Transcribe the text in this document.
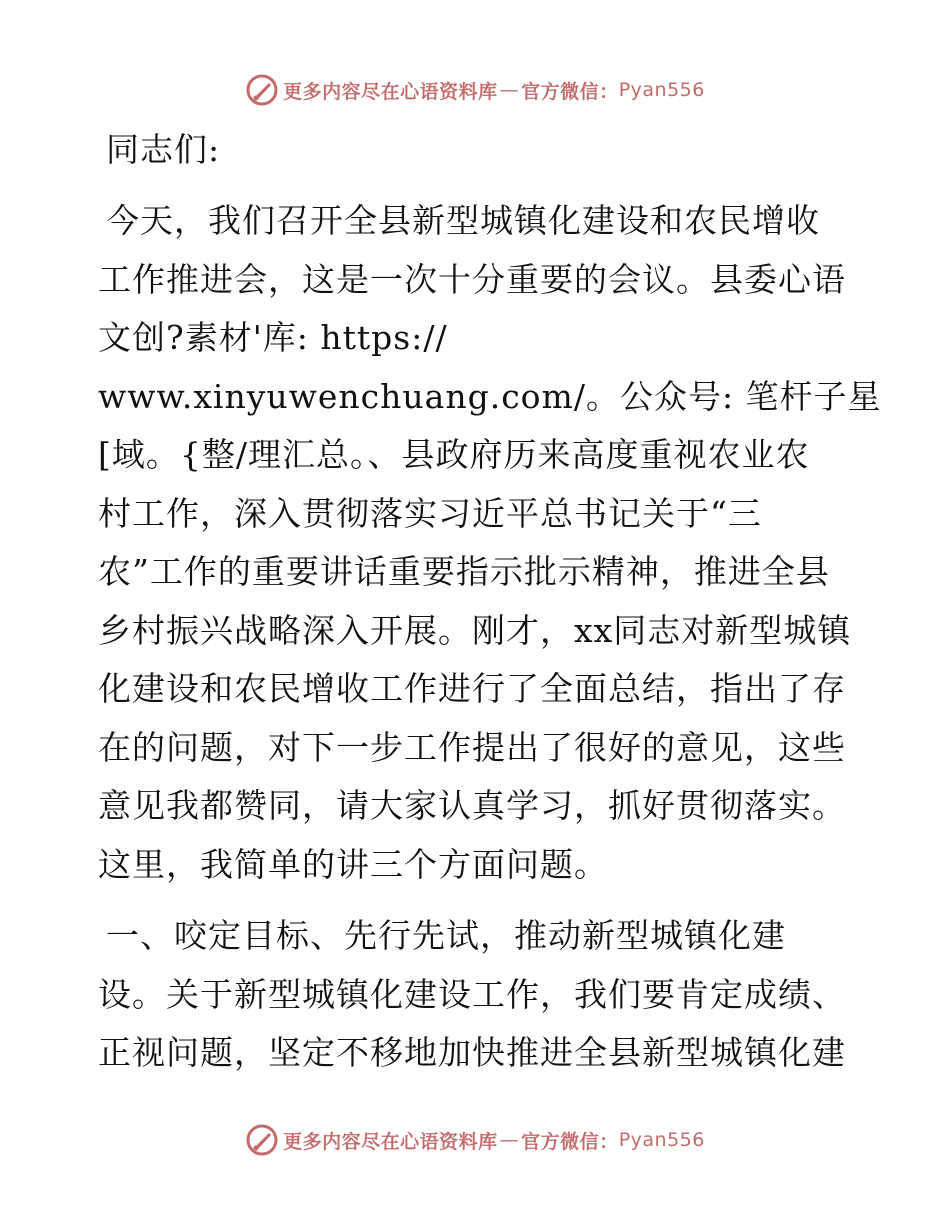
更多内容尽在心语资料库 — 官方微信： Pyan556
同志们:
今天，我们召开全县新型城镇化建设和农民增收
工作推进会，这是一次十分重要的会议。县委心语
文创?素材'库: https://
www.xinyuwenchuang.com/。公众号: 笔杆子星
[域。{整/理汇总。、县政府历来高度重视农业农
村工作，深入贯彻落实习近平总书记关于“三
农”工作的重要讲话重要指示批示精神，推进全县
乡村振兴战略深入开展。刚才，xx同志对新型城镇
化建设和农民增收工作进行了全面总结，指出了存
在的问题，对下一步工作提出了很好的意见，这些
意见我都赞同，请大家认真学习，抓好贯彻落实。
这里，我简单的讲三个方面问题。
一、咬定目标、先行先试，推动新型城镇化建
设。关于新型城镇化建设工作，我们要肯定成绩、
正视问题，坚定不移地加快推进全县新型城镇化建
更多内容尽在心语资料库 — 官方微信： Pyan556
